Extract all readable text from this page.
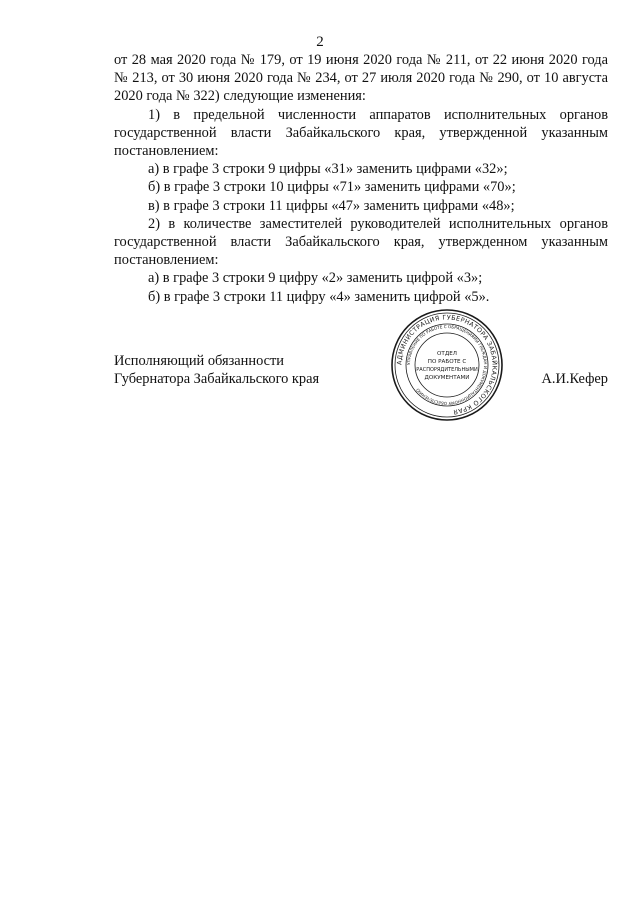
2

от 28 мая 2020 года № 179, от 19 июня 2020 года № 211, от 22 июня 2020 года № 213, от 30 июня 2020 года № 234, от 27 июля 2020 года № 290, от 10 августа 2020 года № 322) следующие изменения:

1) в предельной численности аппаратов исполнительных органов государственной власти Забайкальского края, утвержденной указанным постановлением:

а) в графе 3 строки 9 цифры «31» заменить цифрами «32»;

б) в графе 3 строки 10 цифры «71» заменить цифрами «70»;

в) в графе 3 строки 11 цифры «47» заменить цифрами «48»;

2) в количестве заместителей руководителей исполнительных органов государственной власти Забайкальского края, утвержденном указанным постановлением:

а) в графе 3 строки 9 цифру «2» заменить цифрой «3»;

б) в графе 3 строки 11 цифру «4» заменить цифрой «5».

Исполняющий обязанности
Губернатора Забайкальского края	А.И.Кефер
АДМИНИСТРАЦИЯ ГУБЕРНАТОРА ЗАБАЙКАЛЬСКОГО КРАЯ
УПРАВЛЕНИЕ ПО РАБОТЕ С ОБРАЩЕНИЯМИ ГРАЖДАН И ДОКУМЕНТАЦИОННОМУ ОБЕСПЕЧЕНИЮ
ОТДЕЛ
ПО РАБОТЕ С
РАСПОРЯДИТЕЛЬНЫМИ
ДОКУМЕНТАМИ
